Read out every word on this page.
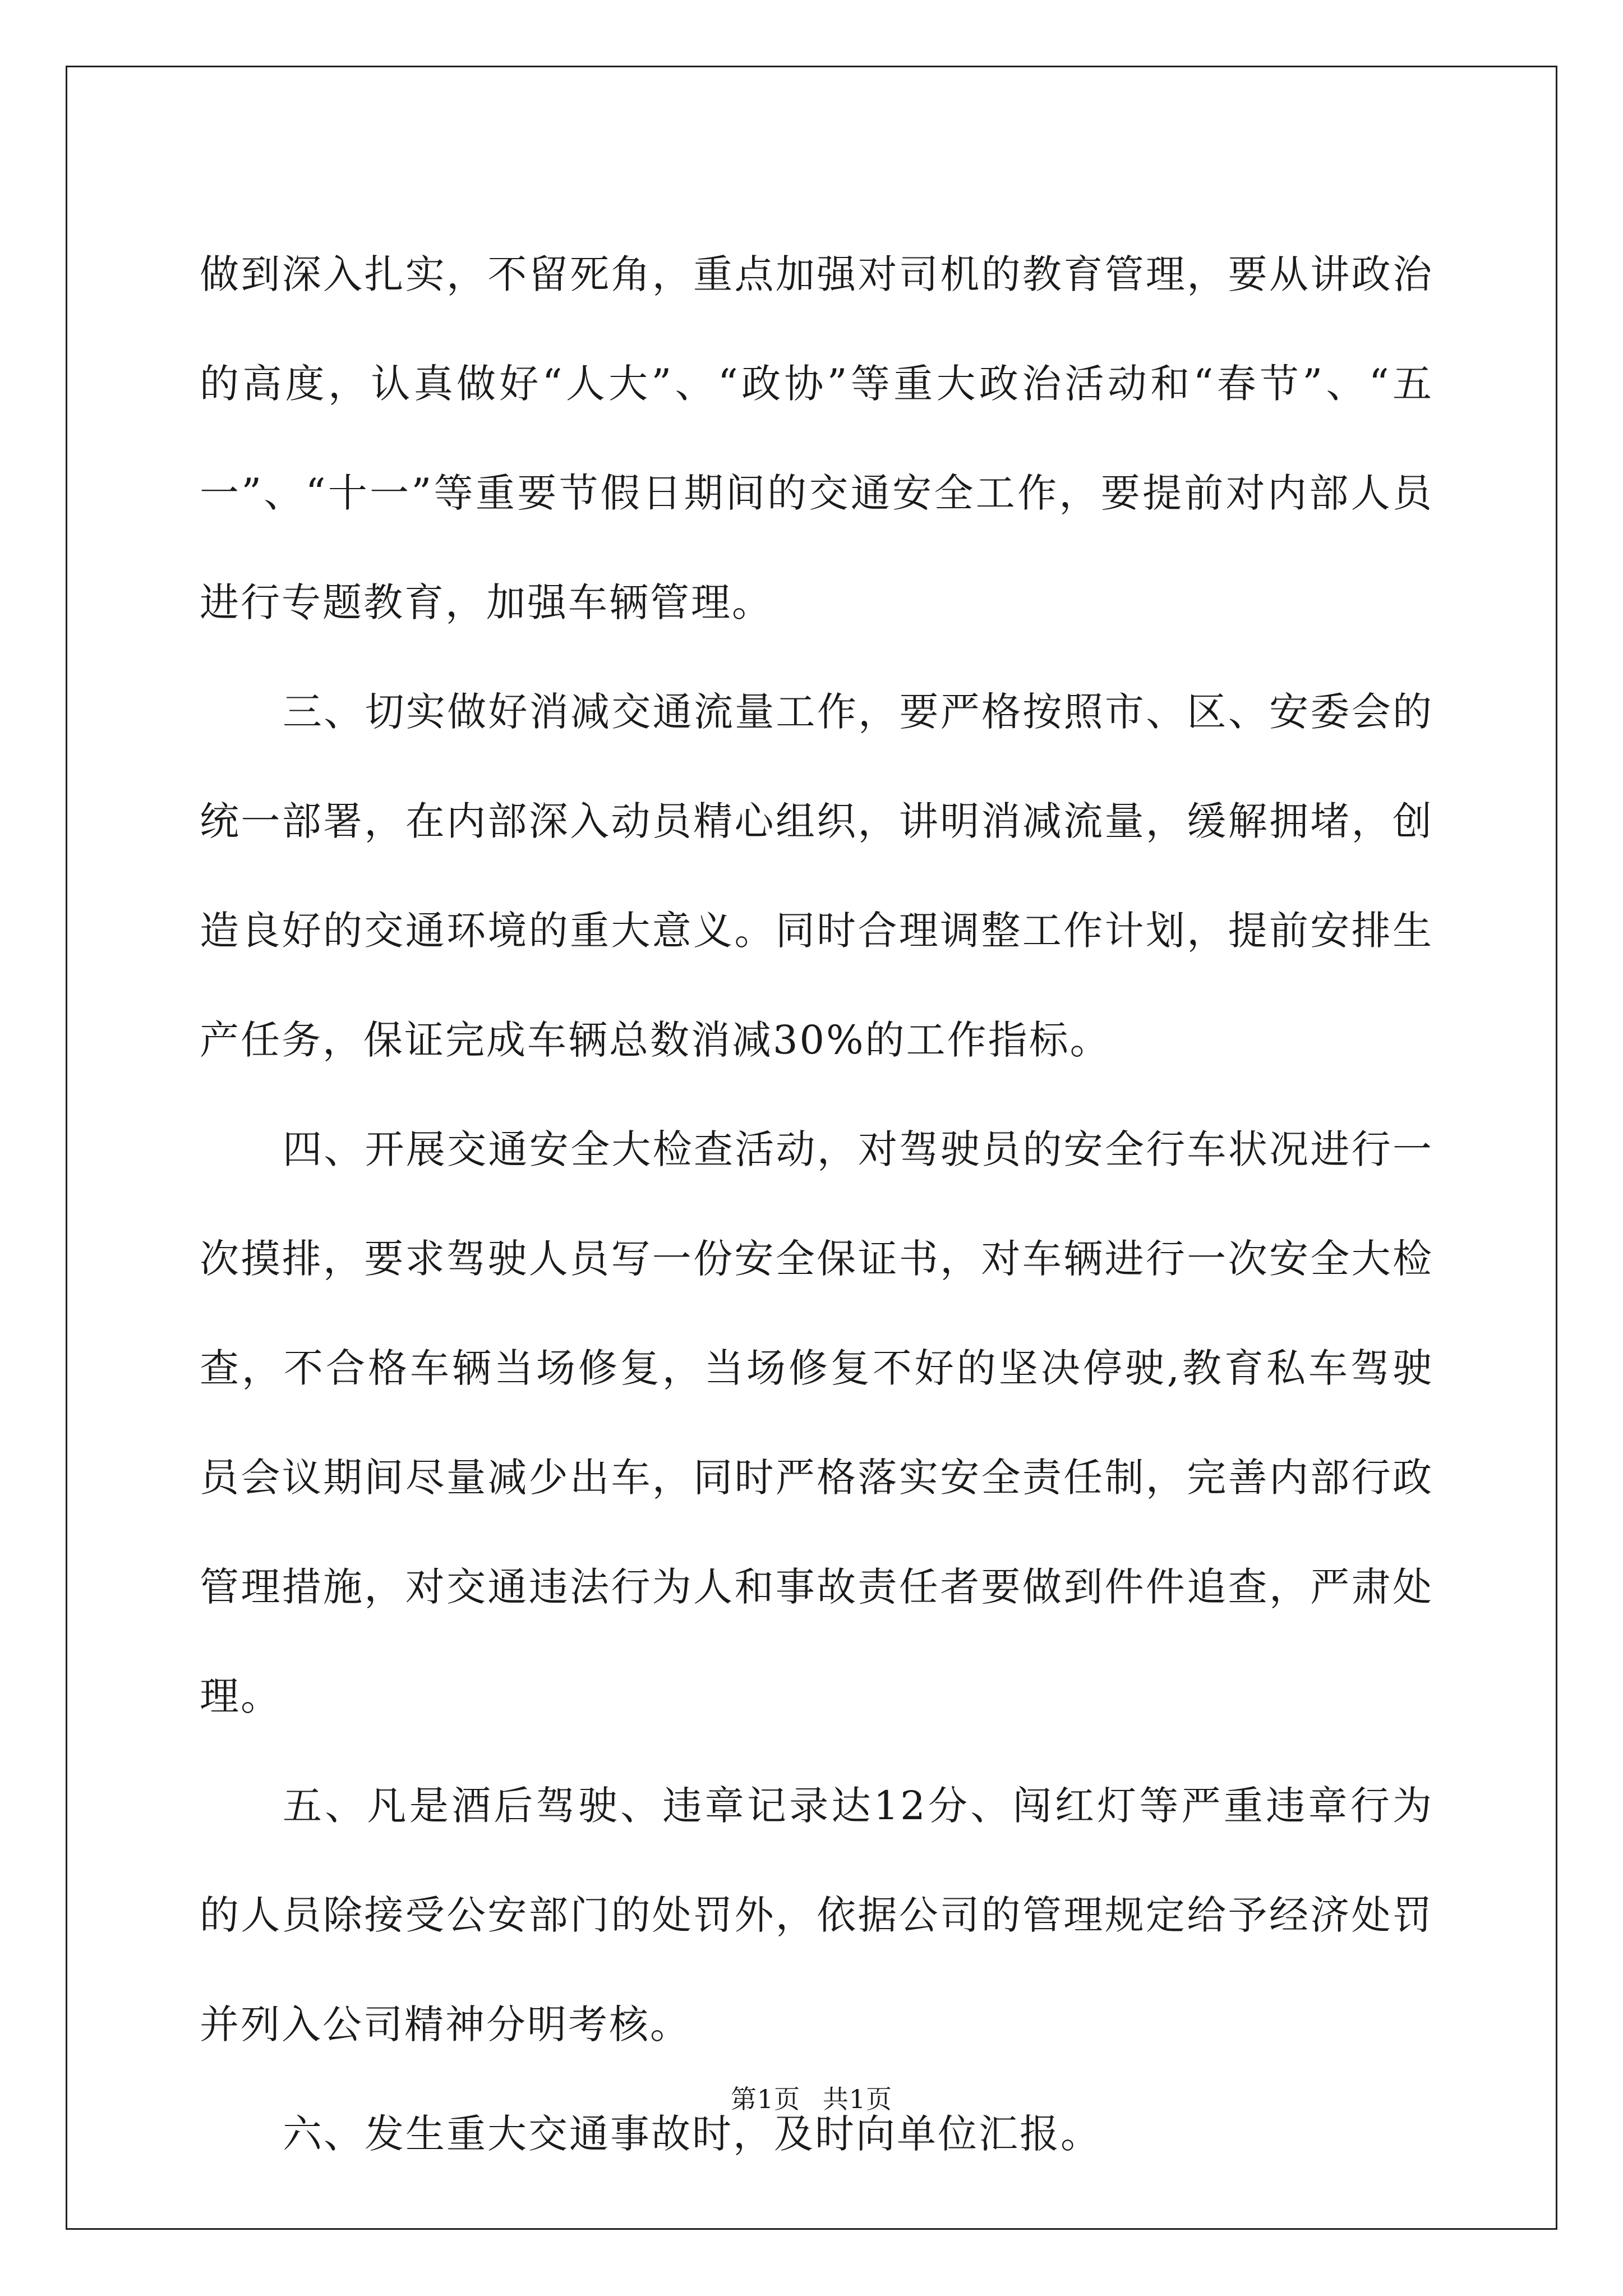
做到深入扎实，不留死角，重点加强对司机的教育管理，要从讲政治的高度，认真做好“人大”、“政协”等重大政治活动和“春节”、“五一”、“十一”等重要节假日期间的交通安全工作，要提前对内部人员进行专题教育，加强车辆管理。

三、切实做好消减交通流量工作，要严格按照市、区、安委会的统一部署，在内部深入动员精心组织，讲明消减流量，缓解拥堵，创造良好的交通环境的重大意义。同时合理调整工作计划，提前安排生产任务，保证完成车辆总数消减30%的工作指标。

四、开展交通安全大检查活动，对驾驶员的安全行车状况进行一次摸排，要求驾驶人员写一份安全保证书，对车辆进行一次安全大检查，不合格车辆当场修复，当场修复不好的坚决停驶,教育私车驾驶员会议期间尽量减少出车，同时严格落实安全责任制，完善内部行政管理措施，对交通违法行为人和事故责任者要做到件件追查，严肃处理。

五、凡是酒后驾驶、违章记录达12分、闯红灯等严重违章行为的人员除接受公安部门的处罚外，依据公司的管理规定给予经济处罚并列入公司精神分明考核。

六、发生重大交通事故时，及时向单位汇报。

第1页 共1页
